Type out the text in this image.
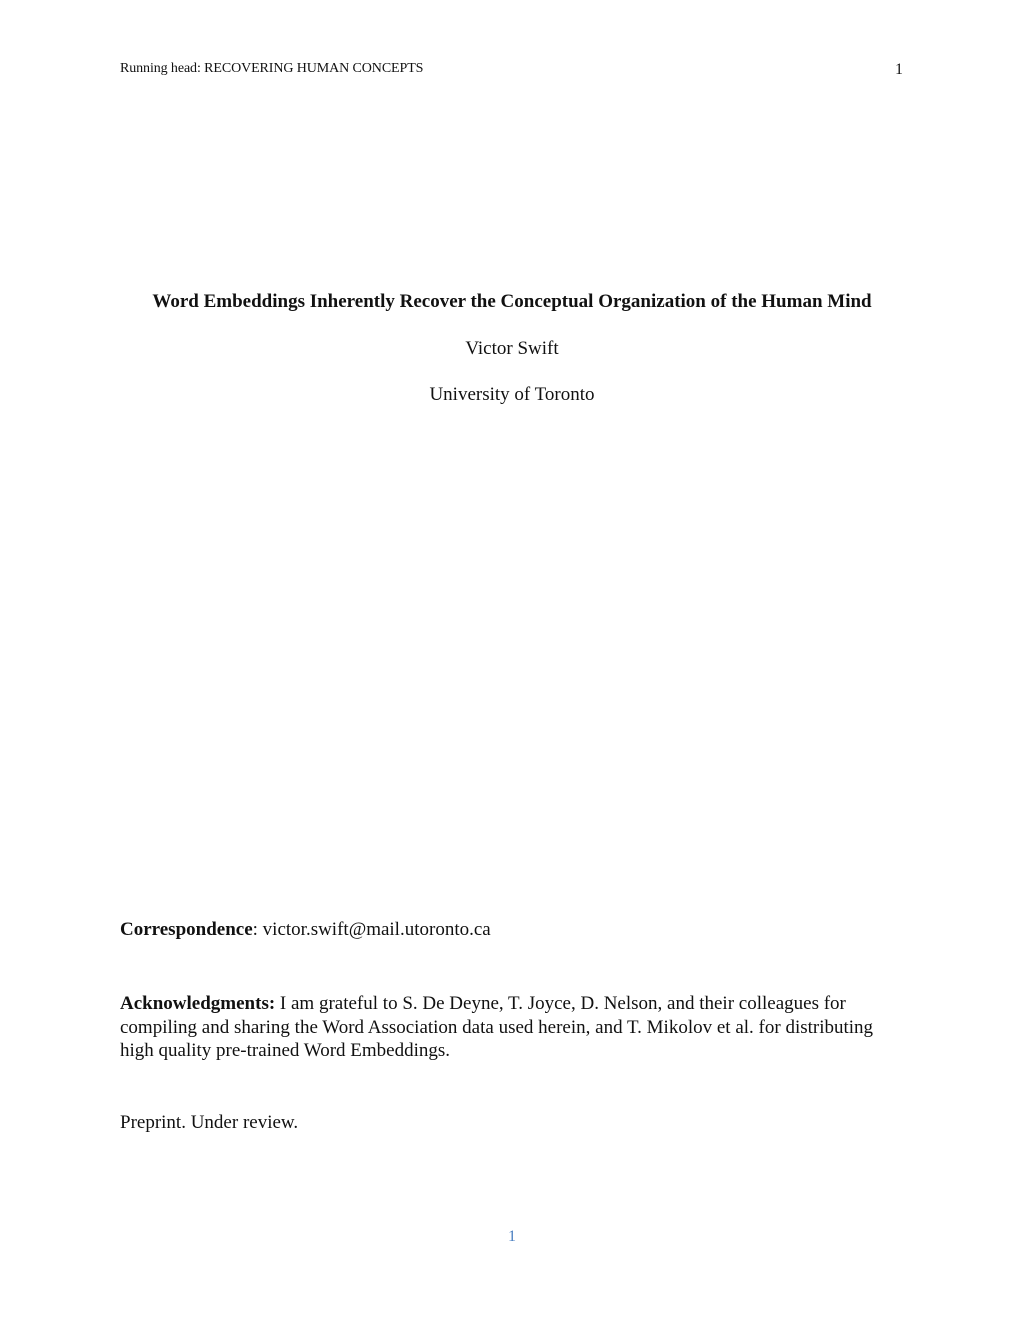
Running head: RECOVERING HUMAN CONCEPTS	1
Word Embeddings Inherently Recover the Conceptual Organization of the Human Mind
Victor Swift
University of Toronto
Correspondence: victor.swift@mail.utoronto.ca
Acknowledgments: I am grateful to S. De Deyne, T. Joyce, D. Nelson, and their colleagues for compiling and sharing the Word Association data used herein, and T. Mikolov et al. for distributing high quality pre-trained Word Embeddings.
Preprint. Under review.
1
